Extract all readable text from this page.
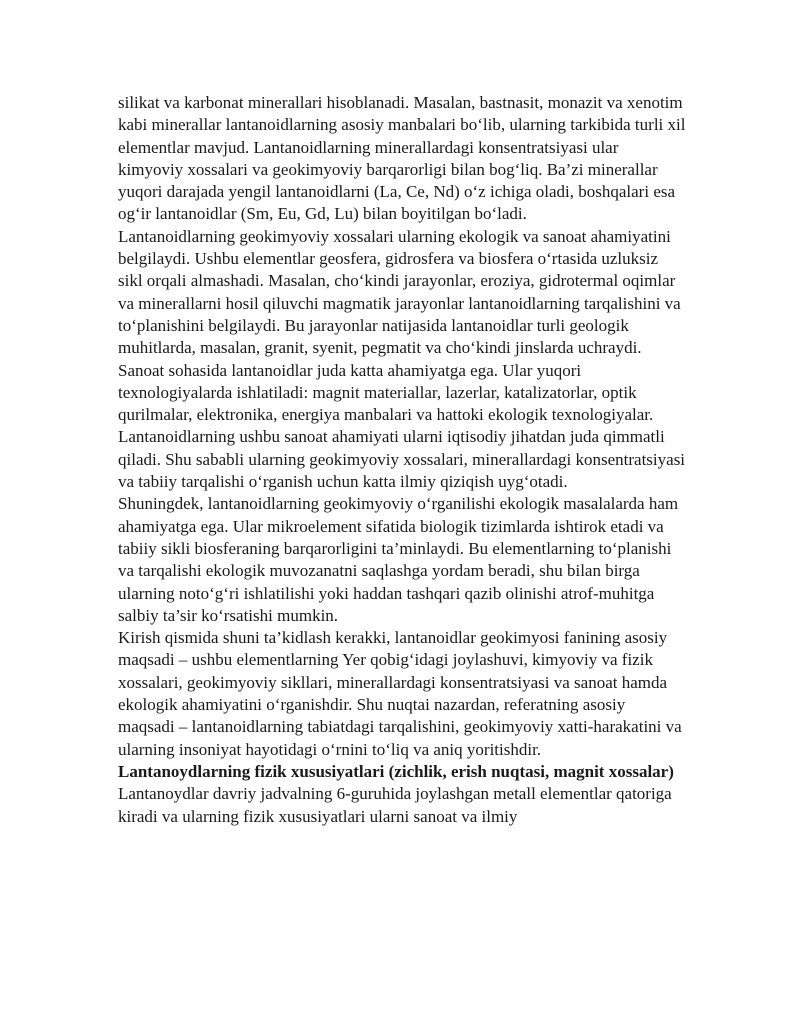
silikat va karbonat minerallari hisoblanadi. Masalan, bastnasit, monazit va xenotim kabi minerallar lantanoidlarning asosiy manbalari bo‘lib, ularning tarkibida turli xil elementlar mavjud. Lantanoidlarning minerallardagi konsentratsiyasi ular kimyoviy xossalari va geokimyoviy barqarorligi bilan bog‘liq. Ba’zi minerallar yuqori darajada yengil lantanoidlarni (La, Ce, Nd) o‘z ichiga oladi, boshqalari esa og‘ir lantanoidlar (Sm, Eu, Gd, Lu) bilan boyitilgan bo‘ladi.

Lantanoidlarning geokimyoviy xossalari ularning ekologik va sanoat ahamiyatini belgilaydi. Ushbu elementlar geosfera, gidrosfera va biosfera o‘rtasida uzluksiz sikl orqali almashadi. Masalan, cho‘kindi jarayonlar, eroziya, gidrotermal oqimlar va minerallarni hosil qiluvchi magmatik jarayonlar lantanoidlarning tarqalishini va to‘planishini belgilaydi. Bu jarayonlar natijasida lantanoidlar turli geologik muhitlarda, masalan, granit, syenit, pegmatit va cho‘kindi jinslarda uchraydi.

Sanoat sohasida lantanoidlar juda katta ahamiyatga ega. Ular yuqori texnologiyalarda ishlatiladi: magnit materiallar, lazerlar, katalizatorlar, optik qurilmalar, elektronika, energiya manbalari va hattoki ekologik texnologiyalar. Lantanoidlarning ushbu sanoat ahamiyati ularni iqtisodiy jihatdan juda qimmatli qiladi. Shu sababli ularning geokimyoviy xossalari, minerallardagi konsentratsiyasi va tabiiy tarqalishi o‘rganish uchun katta ilmiy qiziqish uyg‘otadi.

Shuningdek, lantanoidlarning geokimyoviy o‘rganilishi ekologik masalalarda ham ahamiyatga ega. Ular mikroelement sifatida biologik tizimlarda ishtirok etadi va tabiiy sikli biosferaning barqarorligini ta’minlaydi. Bu elementlarning to‘planishi va tarqalishi ekologik muvozanatni saqlashga yordam beradi, shu bilan birga ularning noto‘g‘ri ishlatilishi yoki haddan tashqari qazib olinishi atrof-muhitga salbiy ta’sir ko‘rsatishi mumkin.

Kirish qismida shuni ta’kidlash kerakki, lantanoidlar geokimyosi fanining asosiy maqsadi – ushbu elementlarning Yer qobig‘idagi joylashuvi, kimyoviy va fizik xossalari, geokimyoviy sikllari, minerallardagi konsentratsiyasi va sanoat hamda ekologik ahamiyatini o‘rganishdir. Shu nuqtai nazardan, referatning asosiy maqsadi – lantanoidlarning tabiatdagi tarqalishini, geokimyoviy xatti-harakatini va ularning insoniyat hayotidagi o‘rnini to‘liq va aniq yoritishdir.

Lantanoydlarning fizik xususiyatlari (zichlik, erish nuqtasi, magnit xossalar)

Lantanoydlar davriy jadvalning 6-guruhida joylashgan metall elementlar qatoriga kiradi va ularning fizik xususiyatlari ularni sanoat va ilmiy
